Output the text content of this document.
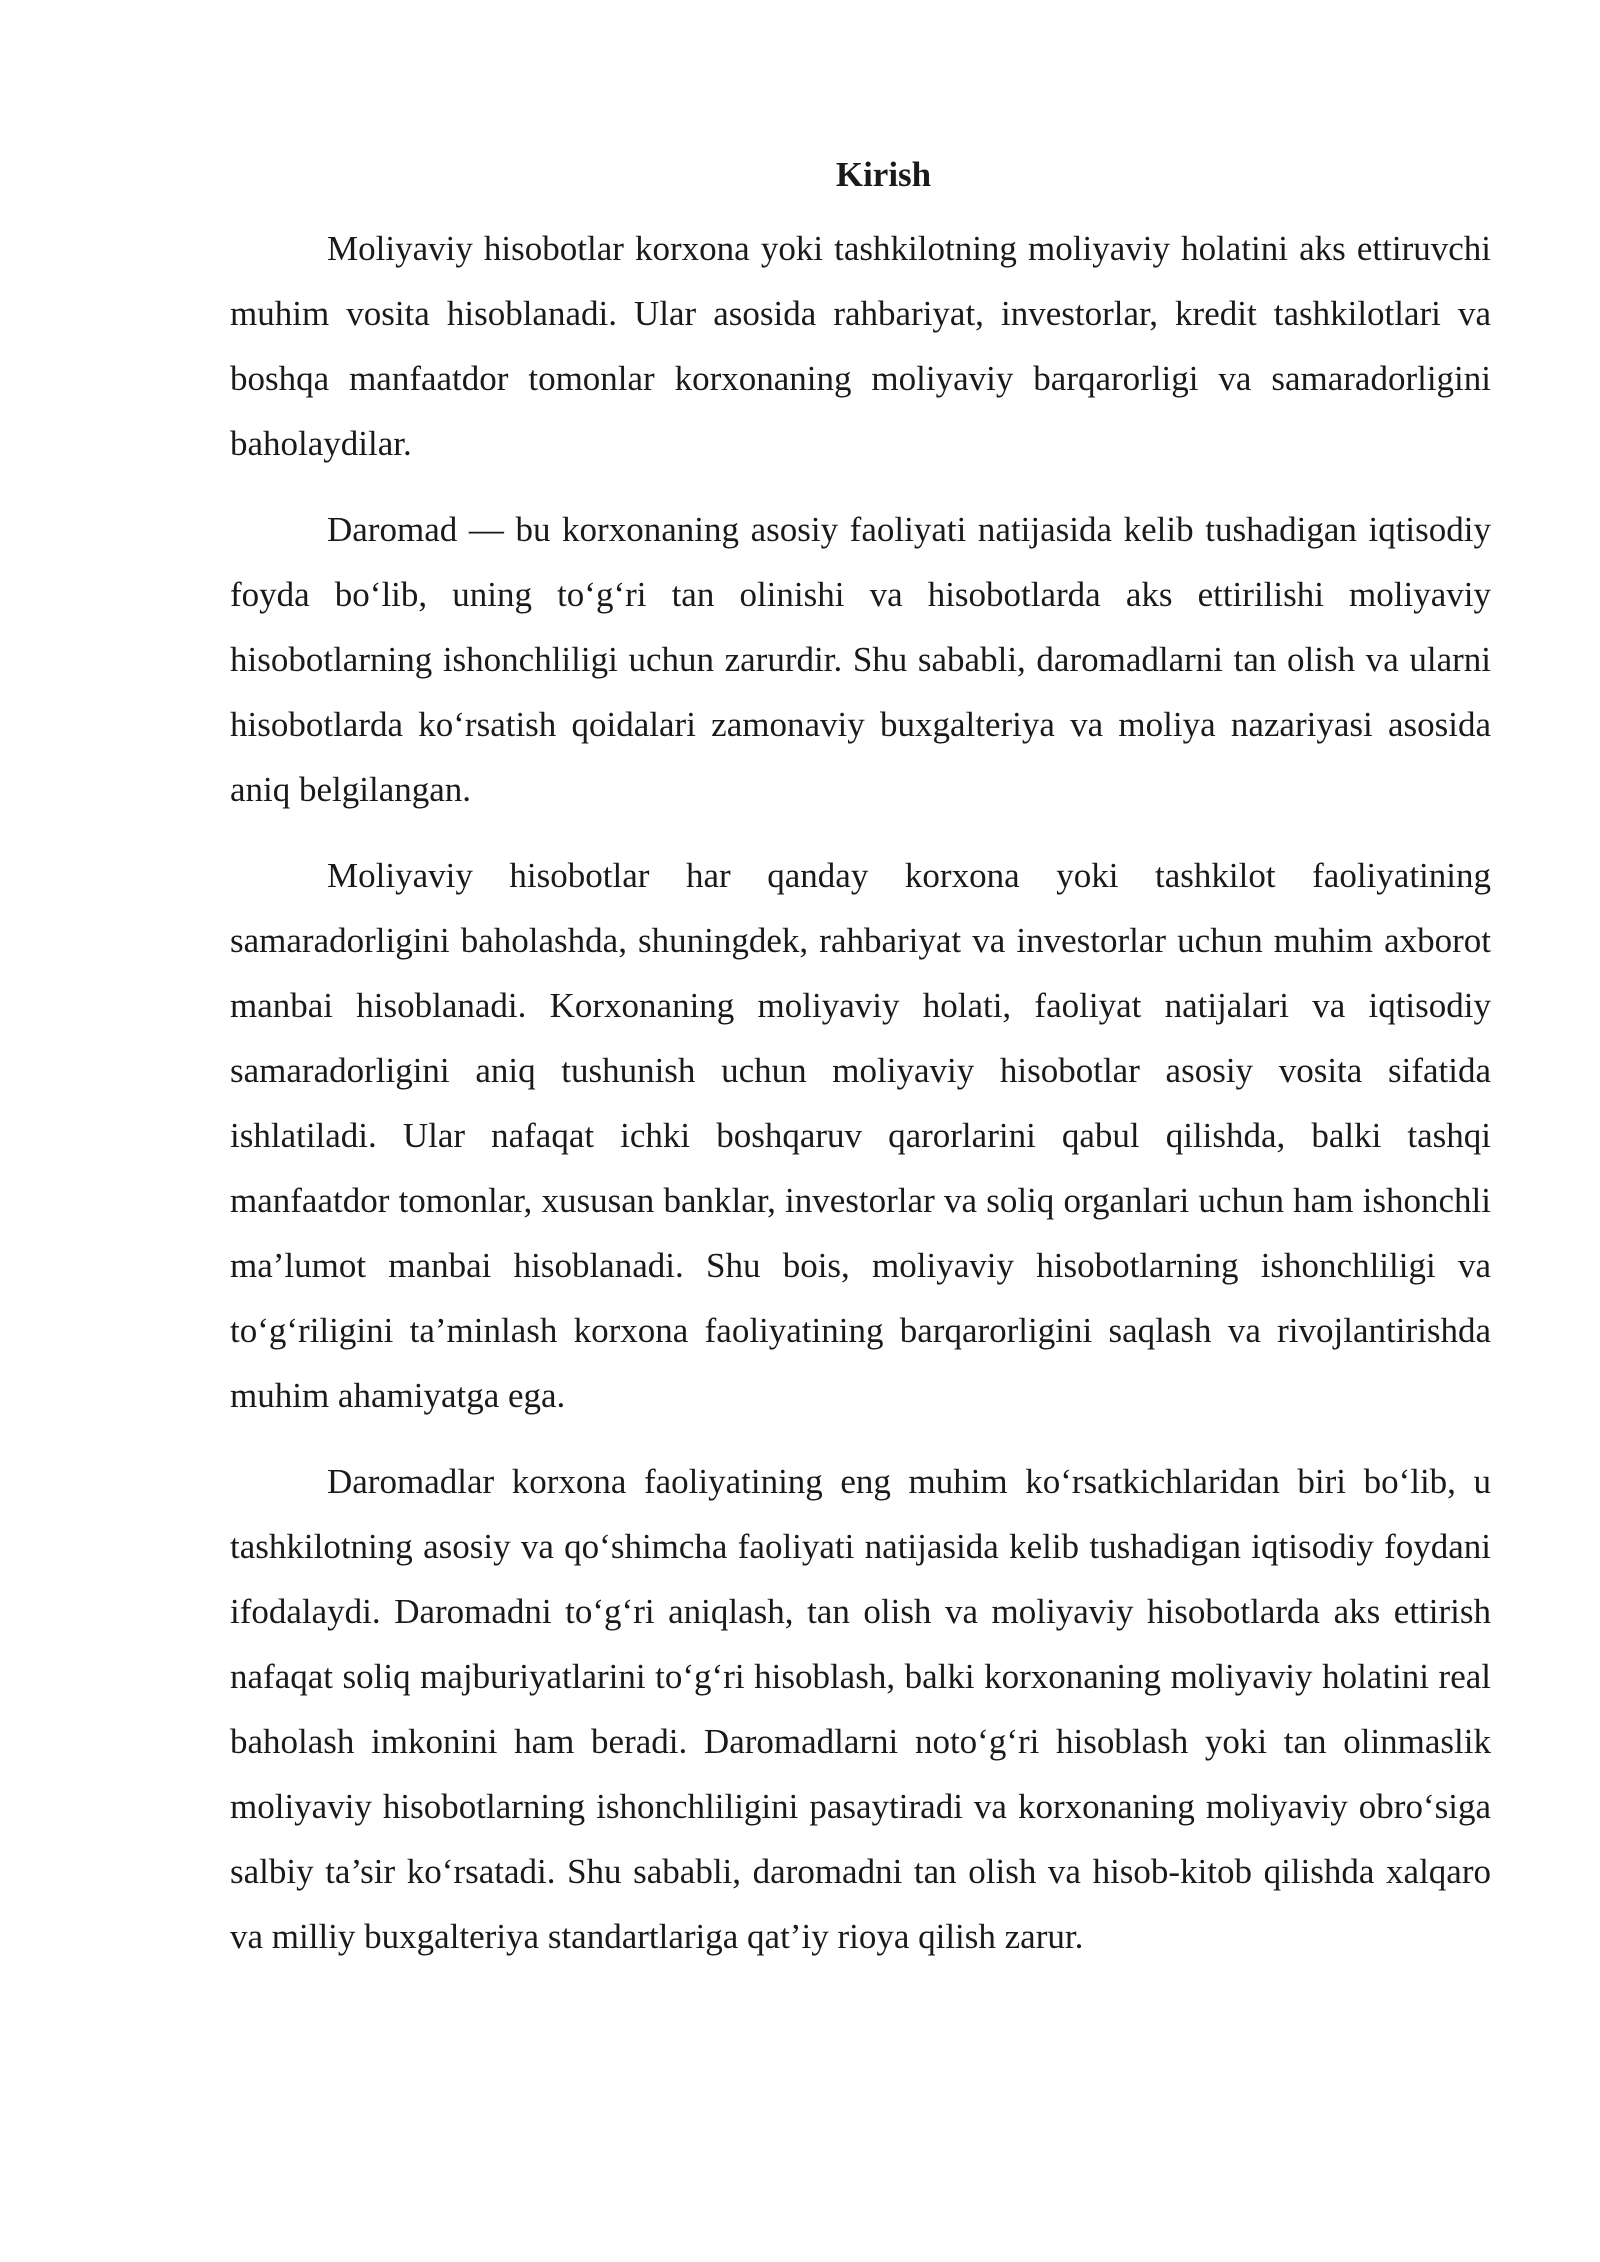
Kirish

Moliyaviy hisobotlar korxona yoki tashkilotning moliyaviy holatini aks ettiruvchi muhim vosita hisoblanadi. Ular asosida rahbariyat, investorlar, kredit tashkilotlari va boshqa manfaatdor tomonlar korxonaning moliyaviy barqarorligi va samaradorligini baholaydilar.

Daromad — bu korxonaning asosiy faoliyati natijasida kelib tushadigan iqtisodiy foyda bo‘lib, uning to‘g‘ri tan olinishi va hisobotlarda aks ettirilishi moliyaviy hisobotlarning ishonchliligi uchun zarurdir. Shu sababli, daromadlarni tan olish va ularni hisobotlarda ko‘rsatish qoidalari zamonaviy buxgalteriya va moliya nazariyasi asosida aniq belgilangan.

Moliyaviy hisobotlar har qanday korxona yoki tashkilot faoliyatining samaradorligini baholashda, shuningdek, rahbariyat va investorlar uchun muhim axborot manbai hisoblanadi. Korxonaning moliyaviy holati, faoliyat natijalari va iqtisodiy samaradorligini aniq tushunish uchun moliyaviy hisobotlar asosiy vosita sifatida ishlatiladi. Ular nafaqat ichki boshqaruv qarorlarini qabul qilishda, balki tashqi manfaatdor tomonlar, xususan banklar, investorlar va soliq organlari uchun ham ishonchli ma’lumot manbai hisoblanadi. Shu bois, moliyaviy hisobotlarning ishonchliligi va to‘g‘riligini ta’minlash korxona faoliyatining barqarorligini saqlash va rivojlantirishda muhim ahamiyatga ega.

Daromadlar korxona faoliyatining eng muhim ko‘rsatkichlaridan biri bo‘lib, u tashkilotning asosiy va qo‘shimcha faoliyati natijasida kelib tushadigan iqtisodiy foydani ifodalaydi. Daromadni to‘g‘ri aniqlash, tan olish va moliyaviy hisobotlarda aks ettirish nafaqat soliq majburiyatlarini to‘g‘ri hisoblash, balki korxonaning moliyaviy holatini real baholash imkonini ham beradi. Daromadlarni noto‘g‘ri hisoblash yoki tan olinmaslik moliyaviy hisobotlarning ishonchliligini pasaytiradi va korxonaning moliyaviy obro‘siga salbiy ta’sir ko‘rsatadi. Shu sababli, daromadni tan olish va hisob-kitob qilishda xalqaro va milliy buxgalteriya standartlariga qat’iy rioya qilish zarur.
